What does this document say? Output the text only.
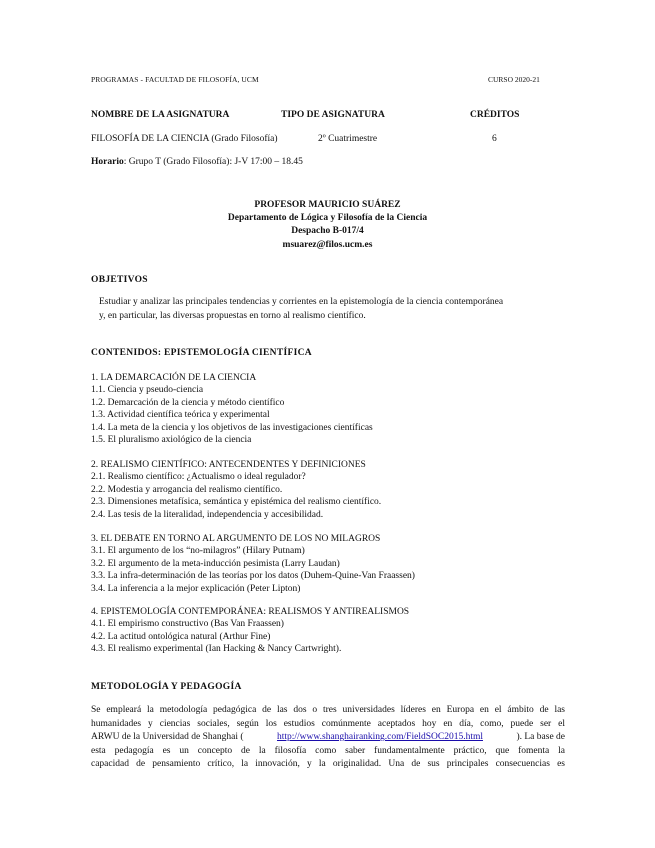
PROGRAMAS - FACULTAD DE FILOSOFÍA, UCM	CURSO 2020-21
NOMBRE DE LA ASIGNATURA	TIPO DE ASIGNATURA	CRÉDITOS
FILOSOFÍA DE LA CIENCIA (Grado Filosofía)	2º Cuatrimestre	6
Horario: Grupo T (Grado Filosofía): J-V 17:00 – 18.45
PROFESOR MAURICIO SUÁREZ
Departamento de Lógica y Filosofía de la Ciencia
Despacho B-017/4
msuarez@filos.ucm.es
OBJETIVOS
Estudiar y analizar las principales tendencias y corrientes en la epistemología de la ciencia contemporánea
y, en particular, las diversas propuestas en torno al realismo científico.
CONTENIDOS: EPISTEMOLOGÍA CIENTÍFICA
1. LA DEMARCACIÓN DE LA CIENCIA
1.1. Ciencia y pseudo-ciencia
1.2. Demarcación de la ciencia y método científico
1.3. Actividad científica teórica y experimental
1.4. La meta de la ciencia y los objetivos de las investigaciones científicas
1.5. El pluralismo axiológico de la ciencia
2. REALISMO CIENTÍFICO: ANTECENDENTES Y DEFINICIONES
2.1. Realismo científico: ¿Actualismo o ideal regulador?
2.2. Modestia y arrogancia del realismo científico.
2.3. Dimensiones metafísica, semántica y epistémica del realismo científico.
2.4. Las tesis de la literalidad, independencia y accesibilidad.
3. EL DEBATE EN TORNO AL ARGUMENTO DE LOS NO MILAGROS
3.1. El argumento de los “no-milagros” (Hilary Putnam)
3.2. El argumento de la meta-inducción pesimista (Larry Laudan)
3.3. La infra-determinación de las teorías por los datos (Duhem-Quine-Van Fraassen)
3.4. La inferencia a la mejor explicación (Peter Lipton)
4. EPISTEMOLOGÍA CONTEMPORÁNEA: REALISMOS Y ANTIREALISMOS
4.1. El empirismo constructivo (Bas Van Fraassen)
4.2. La actitud ontológica natural (Arthur Fine)
4.3. El realismo experimental (Ian Hacking & Nancy Cartwright).
METODOLOGÍA Y PEDAGOGÍA
Se empleará la metodología pedagógica de las dos o tres universidades líderes en Europa en el ámbito de las
humanidades y ciencias sociales, según los estudios comúnmente aceptados hoy en día, como, puede ser el
ARWU de la Universidad de Shanghai (	http://www.shanghairanking.com/FieldSOC2015.html	). La base de
esta pedagogía es un concepto de la filosofía como saber fundamentalmente práctico, que fomenta la
capacidad de pensamiento crítico, la innovación, y la originalidad. Una de sus principales consecuencias es
